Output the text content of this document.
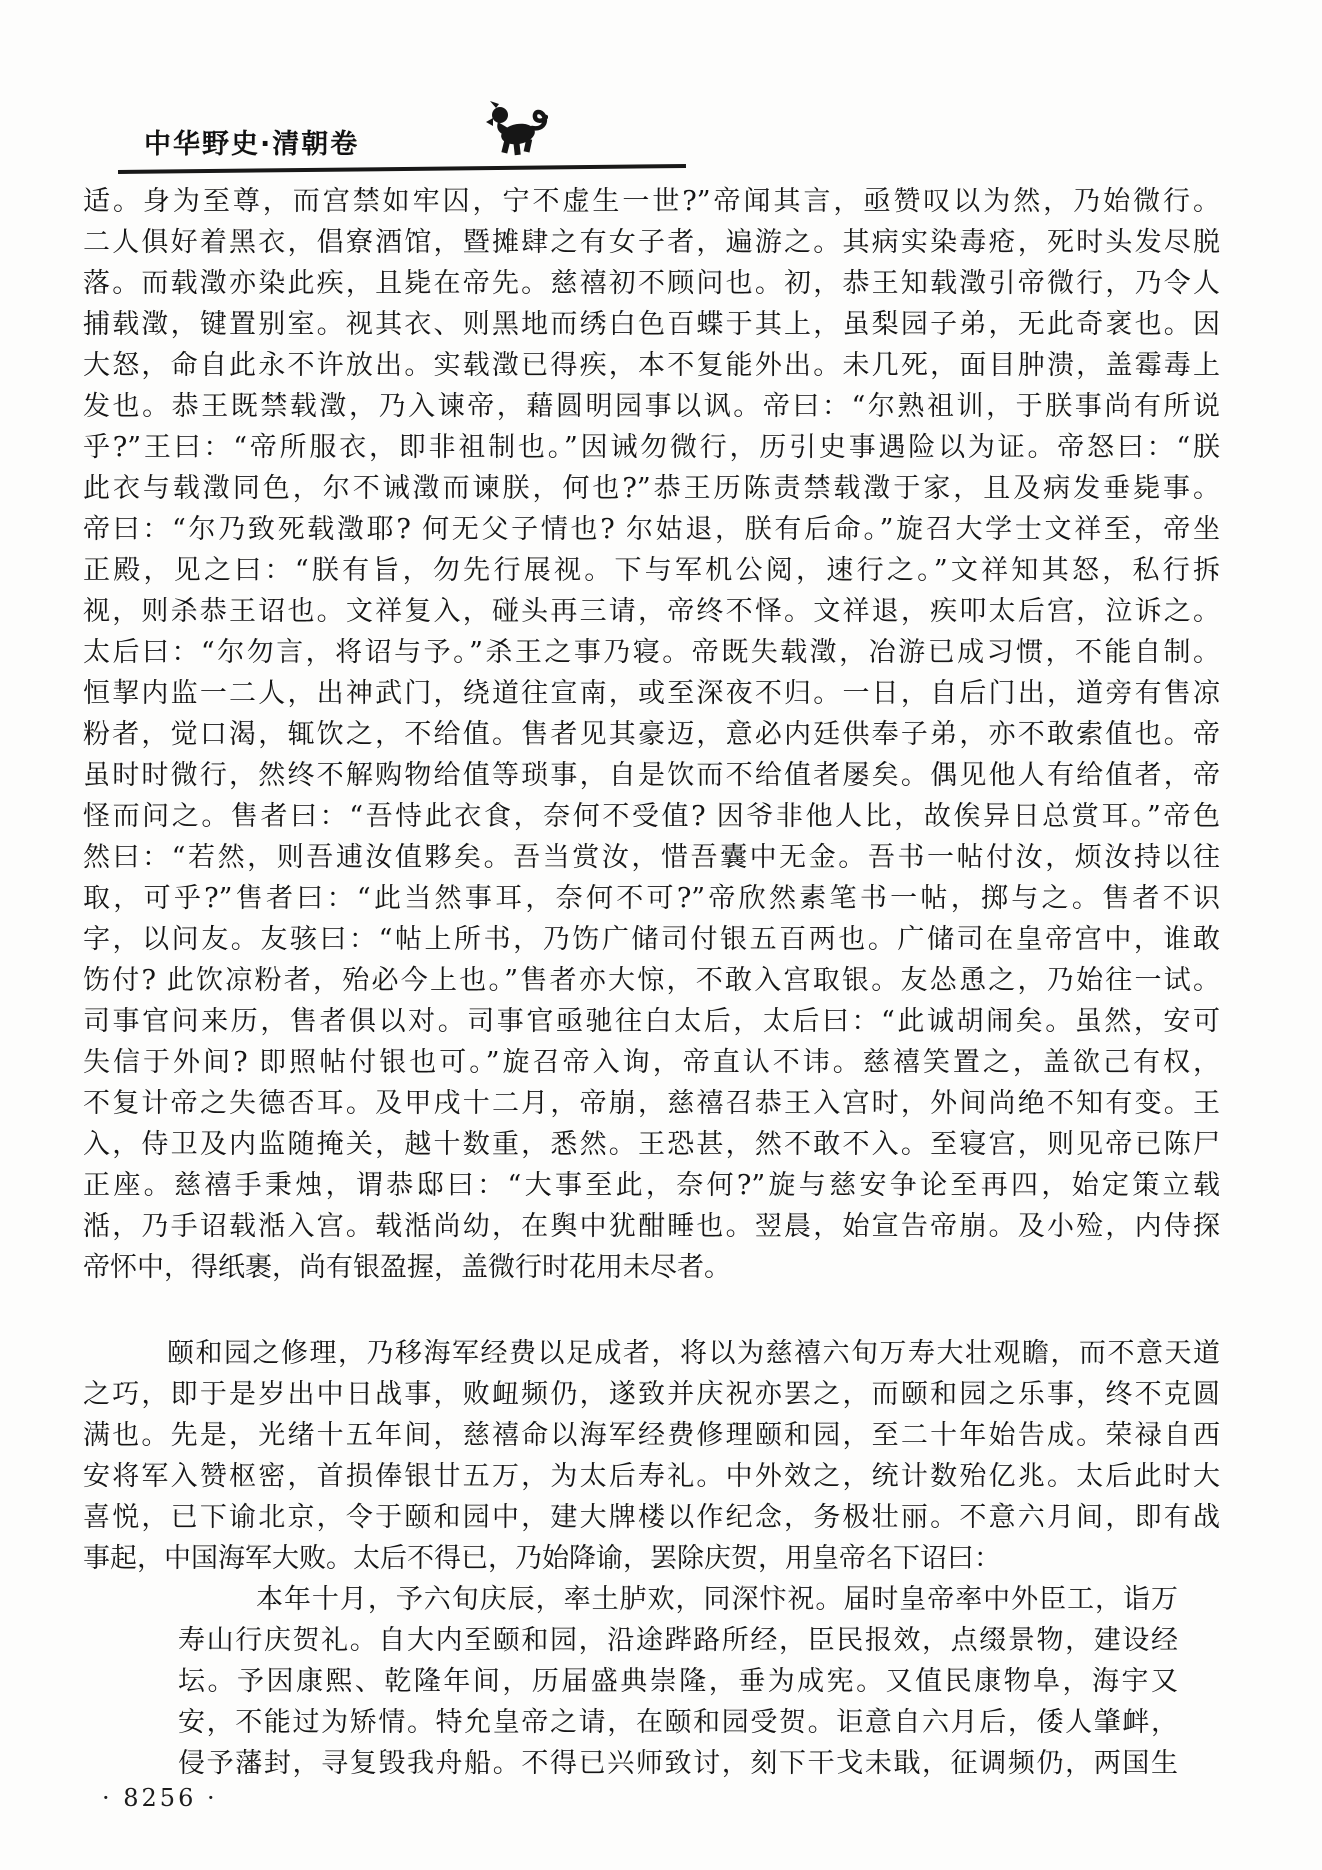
中华野史·清朝卷
适。身为至尊，而宫禁如牢囚，宁不虚生一世?”帝闻其言，亟赞叹以为然，乃始微行。
二人俱好着黑衣，倡寮酒馆，暨摊肆之有女子者，遍游之。其病实染毒疮，死时头发尽脱
落。而载澂亦染此疾，且毙在帝先。慈禧初不顾问也。初，恭王知载澂引帝微行，乃令人
捕载澂，键置别室。视其衣、则黑地而绣白色百蝶于其上，虽梨园子弟，无此奇衺也。因
大怒，命自此永不许放出。实载澂已得疾，本不复能外出。未几死，面目肿溃，盖霉毒上
发也。恭王既禁载澂，乃入谏帝，藉圆明园事以讽。帝曰：“尔熟祖训，于朕事尚有所说
乎?”王曰：“帝所服衣，即非祖制也。”因诫勿微行，历引史事遇险以为证。帝怒曰：“朕
此衣与载澂同色，尔不诫澂而谏朕，何也?”恭王历陈责禁载澂于家，且及病发垂毙事。
帝曰：“尔乃致死载澂耶? 何无父子情也? 尔姑退，朕有后命。”旋召大学士文祥至，帝坐
正殿，见之曰：“朕有旨，勿先行展视。下与军机公阅，速行之。”文祥知其怒，私行拆
视，则杀恭王诏也。文祥复入，碰头再三请，帝终不怿。文祥退，疾叩太后宫，泣诉之。
太后曰：“尔勿言，将诏与予。”杀王之事乃寝。帝既失载澂，冶游已成习惯，不能自制。
恒挈内监一二人，出神武门，绕道往宣南，或至深夜不归。一日，自后门出，道旁有售凉
粉者，觉口渴，辄饮之，不给值。售者见其豪迈，意必内廷供奉子弟，亦不敢索值也。帝
虽时时微行，然终不解购物给值等琐事，自是饮而不给值者屡矣。偶见他人有给值者，帝
怪而问之。售者曰：“吾恃此衣食，奈何不受值? 因爷非他人比，故俟异日总赏耳。”帝色
然曰：“若然，则吾逋汝值夥矣。吾当赏汝，惜吾囊中无金。吾书一帖付汝，烦汝持以往
取，可乎?”售者曰：“此当然事耳，奈何不可?”帝欣然素笔书一帖，掷与之。售者不识
字，以问友。友骇曰：“帖上所书，乃饬广储司付银五百两也。广储司在皇帝宫中，谁敢
饬付? 此饮凉粉者，殆必今上也。”售者亦大惊，不敢入宫取银。友怂恿之，乃始往一试。
司事官问来历，售者俱以对。司事官亟驰往白太后，太后曰：“此诚胡闹矣。虽然，安可
失信于外间? 即照帖付银也可。”旋召帝入询，帝直认不讳。慈禧笑置之，盖欲己有权，
不复计帝之失德否耳。及甲戌十二月，帝崩，慈禧召恭王入宫时，外间尚绝不知有变。王
入，侍卫及内监随掩关，越十数重，悉然。王恐甚，然不敢不入。至寝宫，则见帝已陈尸
正座。慈禧手秉烛，谓恭邸曰：“大事至此，奈何?”旋与慈安争论至再四，始定策立载
湉，乃手诏载湉入宫。载湉尚幼，在舆中犹酣睡也。翌晨，始宣告帝崩。及小殓，内侍探
帝怀中，得纸裹，尚有银盈握，盖微行时花用未尽者。
颐和园之修理，乃移海军经费以足成者，将以为慈禧六旬万寿大壮观瞻，而不意天道
之巧，即于是岁出中日战事，败衄频仍，遂致并庆祝亦罢之，而颐和园之乐事，终不克圆
满也。先是，光绪十五年间，慈禧命以海军经费修理颐和园，至二十年始告成。荣禄自西
安将军入赞枢密，首损俸银廿五万，为太后寿礼。中外效之，统计数殆亿兆。太后此时大
喜悦，已下谕北京，令于颐和园中，建大牌楼以作纪念，务极壮丽。不意六月间，即有战
事起，中国海军大败。太后不得已，乃始降谕，罢除庆贺，用皇帝名下诏曰：
本年十月，予六旬庆辰，率土胪欢，同深忭祝。届时皇帝率中外臣工，诣万
寿山行庆贺礼。自大内至颐和园，沿途跸路所经，臣民报效，点缀景物，建设经
坛。予因康熙、乾隆年间，历届盛典崇隆，垂为成宪。又值民康物阜，海宇又
安，不能过为矫情。特允皇帝之请，在颐和园受贺。讵意自六月后，倭人肇衅，
侵予藩封，寻复毁我舟船。不得已兴师致讨，刻下干戈未戢，征调频仍，两国生
· 8256 ·
